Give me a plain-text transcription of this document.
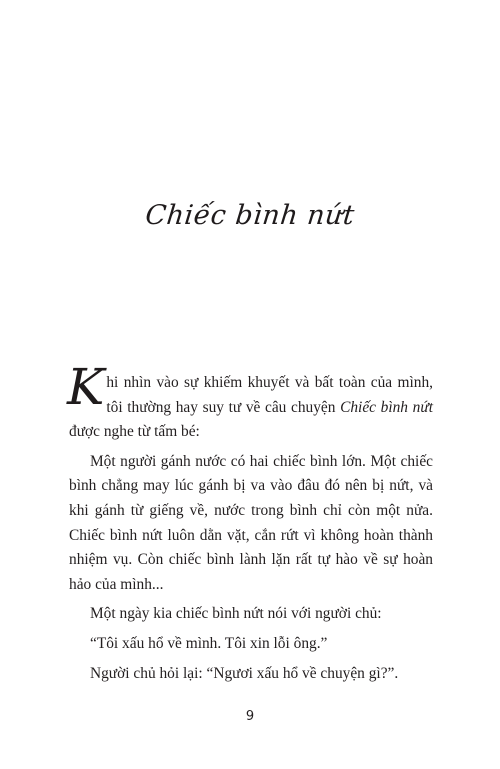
Chiếc bình nứt

Khi nhìn vào sự khiếm khuyết và bất toàn của mình, tôi thường hay suy tư về câu chuyện Chiếc bình nứt được nghe từ tấm bé:

Một người gánh nước có hai chiếc bình lớn. Một chiếc bình chẳng may lúc gánh bị va vào đâu đó nên bị nứt, và khi gánh từ giếng về, nước trong bình chỉ còn một nửa. Chiếc bình nứt luôn dằn vặt, cắn rứt vì không hoàn thành nhiệm vụ. Còn chiếc bình lành lặn rất tự hào về sự hoàn hảo của mình...

Một ngày kia chiếc bình nứt nói với người chủ:

“Tôi xấu hổ về mình. Tôi xin lỗi ông.”

Người chủ hỏi lại: “Ngươi xấu hổ về chuyện gì?”.

9
